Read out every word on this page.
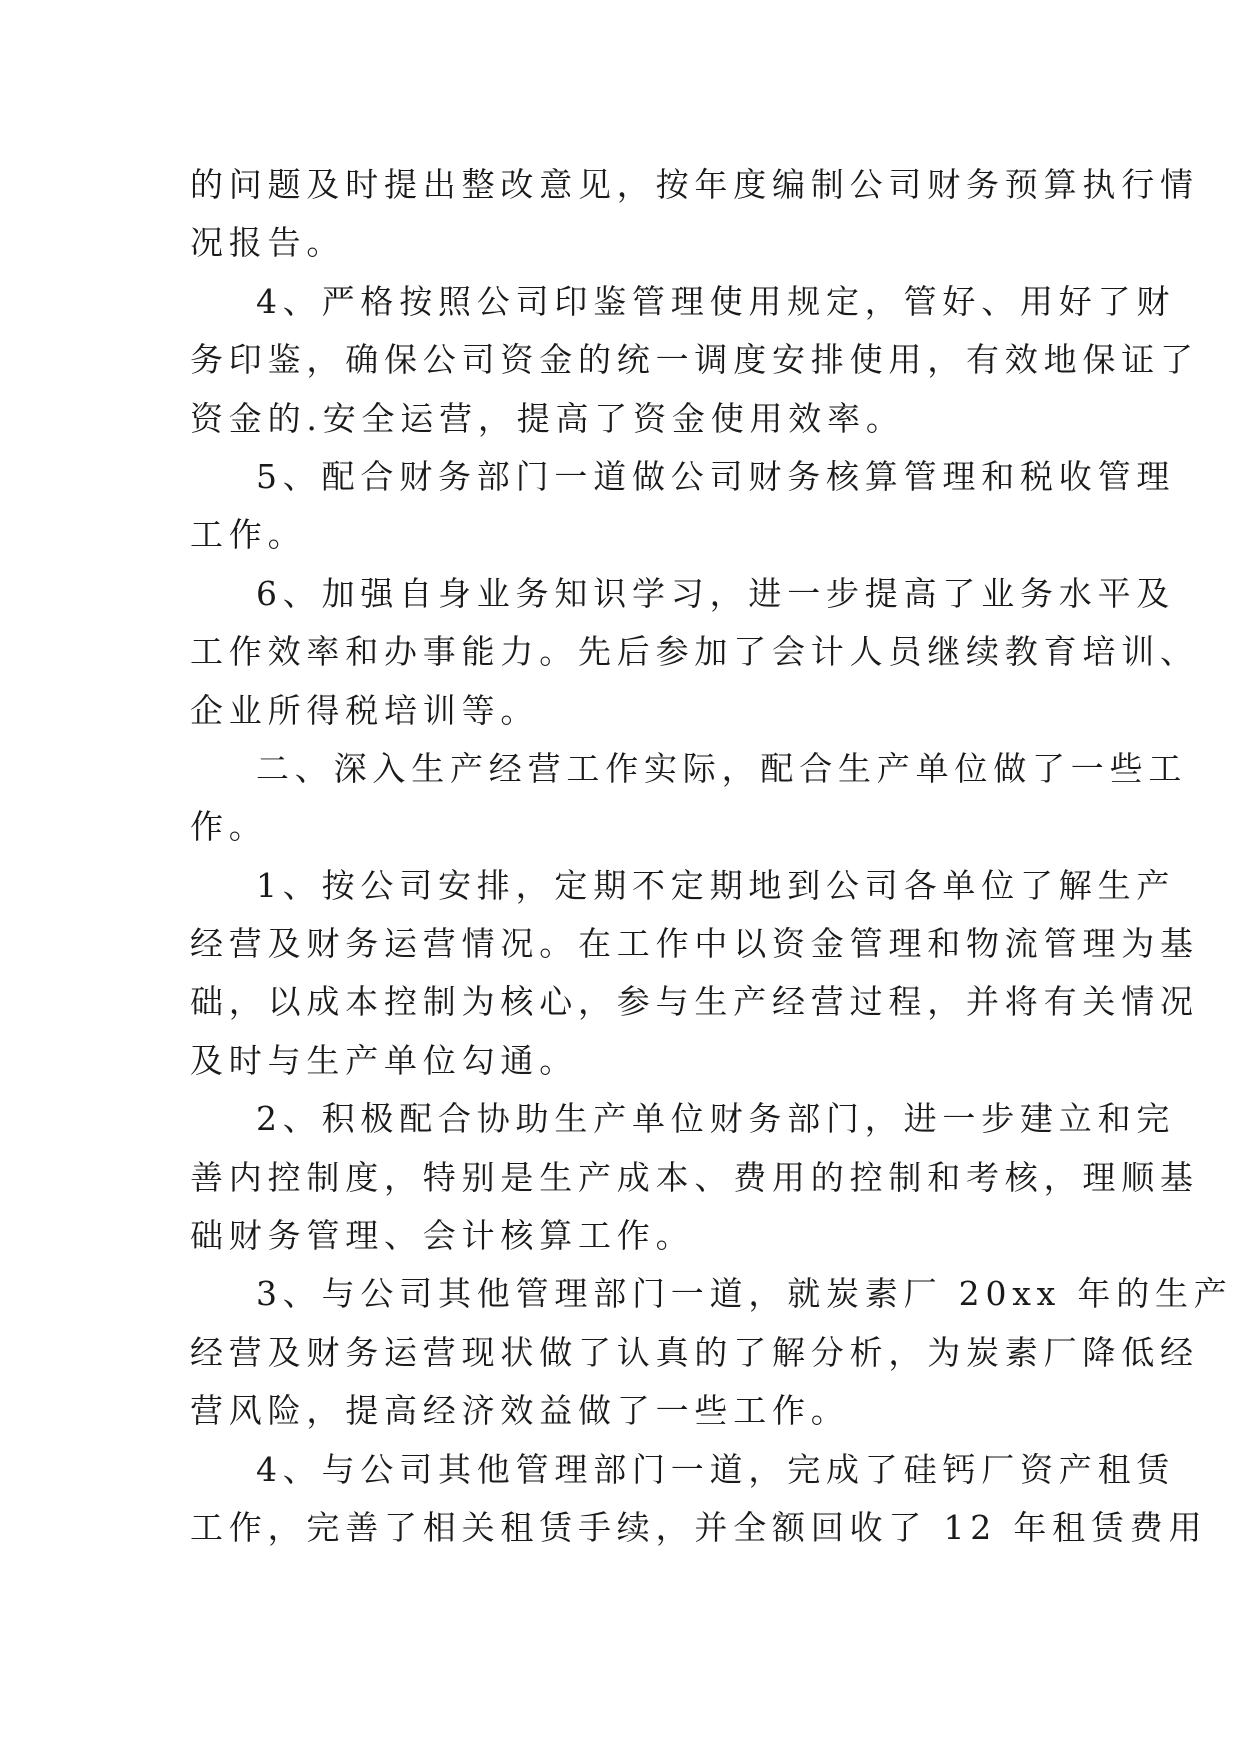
的问题及时提出整改意见，按年度编制公司财务预算执行情
况报告。
4、严格按照公司印鉴管理使用规定，管好、用好了财
务印鉴，确保公司资金的统一调度安排使用，有效地保证了
资金的.安全运营，提高了资金使用效率。
5、配合财务部门一道做公司财务核算管理和税收管理
工作。
6、加强自身业务知识学习，进一步提高了业务水平及
工作效率和办事能力。先后参加了会计人员继续教育培训、
企业所得税培训等。
二、深入生产经营工作实际，配合生产单位做了一些工
作。
1、按公司安排，定期不定期地到公司各单位了解生产
经营及财务运营情况。在工作中以资金管理和物流管理为基
础，以成本控制为核心，参与生产经营过程，并将有关情况
及时与生产单位勾通。
2、积极配合协助生产单位财务部门，进一步建立和完
善内控制度，特别是生产成本、费用的控制和考核，理顺基
础财务管理、会计核算工作。
3、与公司其他管理部门一道，就炭素厂 20xx 年的生产
经营及财务运营现状做了认真的了解分析，为炭素厂降低经
营风险，提高经济效益做了一些工作。
4、与公司其他管理部门一道，完成了硅钙厂资产租赁
工作，完善了相关租赁手续，并全额回收了 12 年租赁费用
